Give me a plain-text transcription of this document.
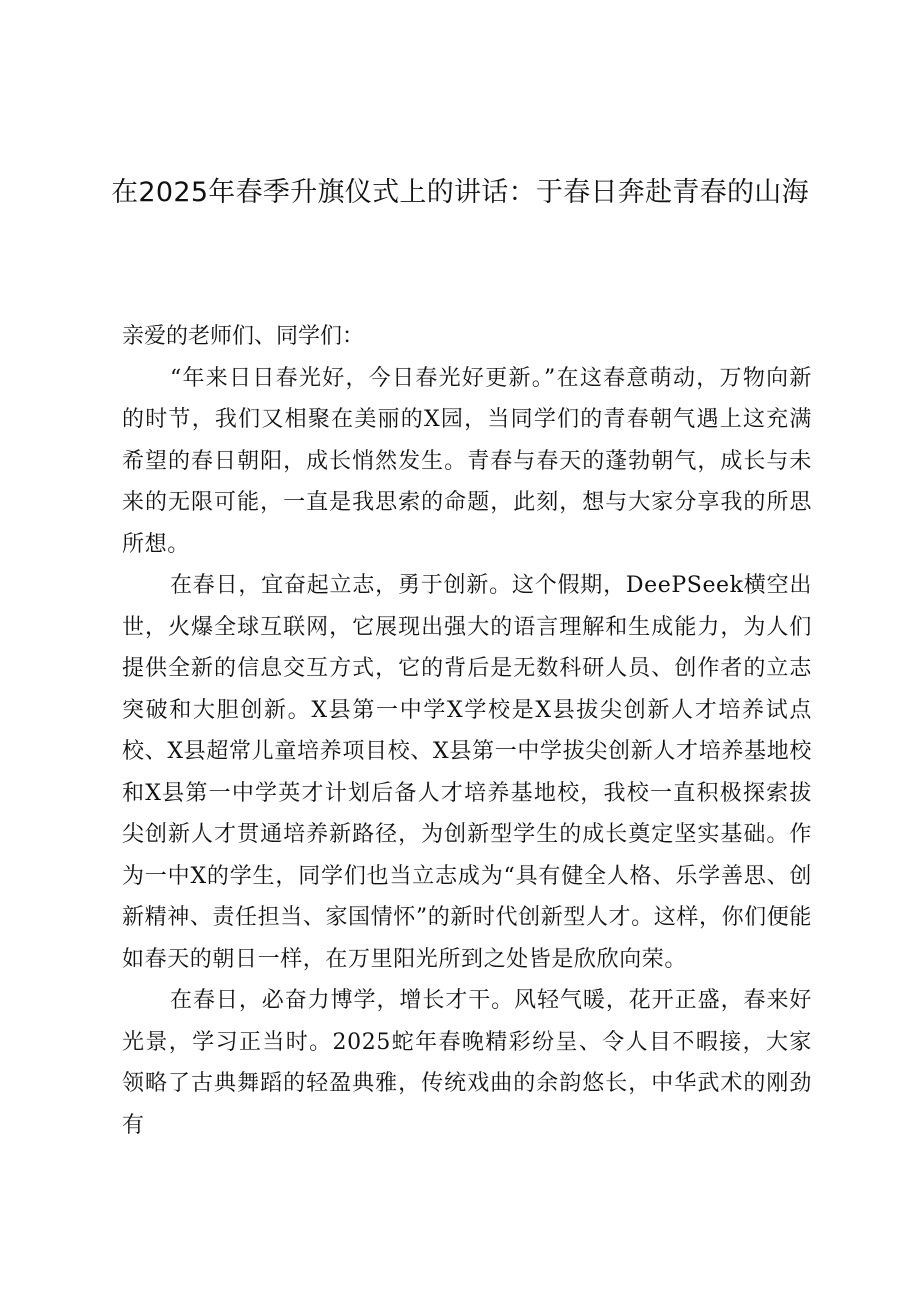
在2025年春季升旗仪式上的讲话：于春日奔赴青春的山海

亲爱的老师们、同学们：

“年来日日春光好，今日春光好更新。”在这春意萌动，万物向新的时节，我们又相聚在美丽的X园，当同学们的青春朝气遇上这充满希望的春日朝阳，成长悄然发生。青春与春天的蓬勃朝气，成长与未来的无限可能，一直是我思索的命题，此刻，想与大家分享我的所思所想。

在春日，宜奋起立志，勇于创新。这个假期，DeePSeek横空出世，火爆全球互联网，它展现出强大的语言理解和生成能力，为人们提供全新的信息交互方式，它的背后是无数科研人员、创作者的立志突破和大胆创新。X县第一中学X学校是X县拔尖创新人才培养试点校、X县超常儿童培养项目校、X县第一中学拔尖创新人才培养基地校和X县第一中学英才计划后备人才培养基地校，我校一直积极探索拔尖创新人才贯通培养新路径，为创新型学生的成长奠定坚实基础。作为一中X的学生，同学们也当立志成为“具有健全人格、乐学善思、创新精神、责任担当、家国情怀”的新时代创新型人才。这样，你们便能如春天的朝日一样，在万里阳光所到之处皆是欣欣向荣。

在春日，必奋力博学，增长才干。风轻气暖，花开正盛，春来好光景，学习正当时。2025蛇年春晚精彩纷呈、令人目不暇接，大家领略了古典舞蹈的轻盈典雅，传统戏曲的余韵悠长，中华武术的刚劲有
